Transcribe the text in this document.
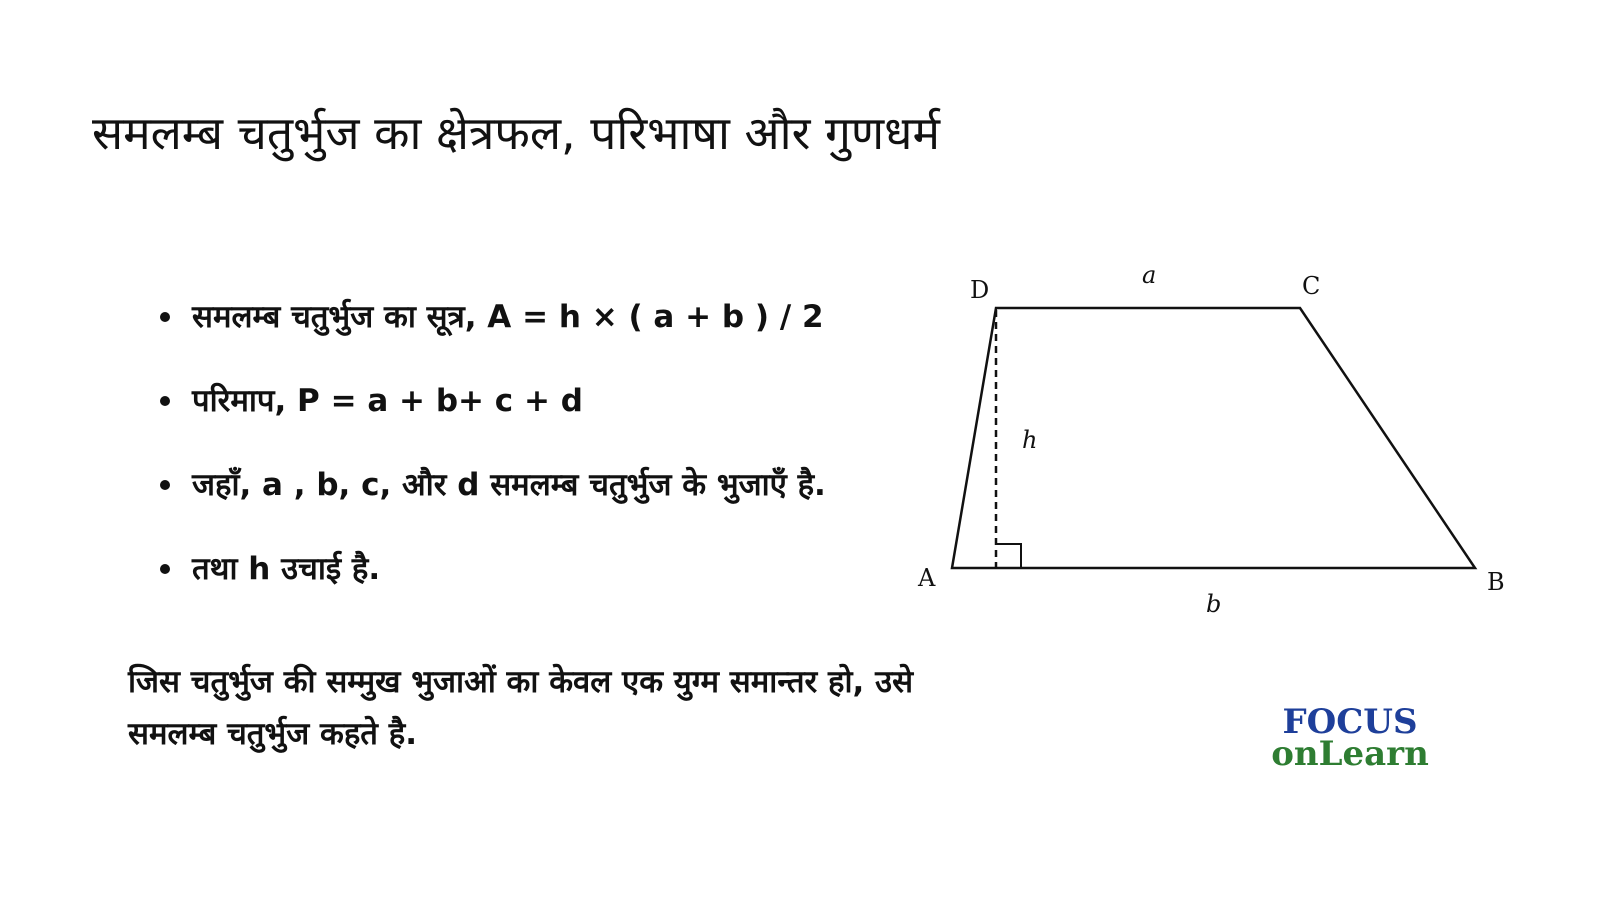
समलम्ब चतुर्भुज का क्षेत्रफल, परिभाषा और गुणधर्म
समलम्ब चतुर्भुज का सूत्र, A = h × ( a + b ) / 2
परिमाप, P = a + b+ c + d
जहाँ, a , b, c, और d समलम्ब चतुर्भुज के भुजाएँ है.
तथा h उचाई है.
D	C
A	B
a
b
h
जिस चतुर्भुज की सम्मुख भुजाओं का केवल एक युग्म समान्तर हो, उसे
समलम्ब चतुर्भुज कहते है.	FOCUS
onLearn
